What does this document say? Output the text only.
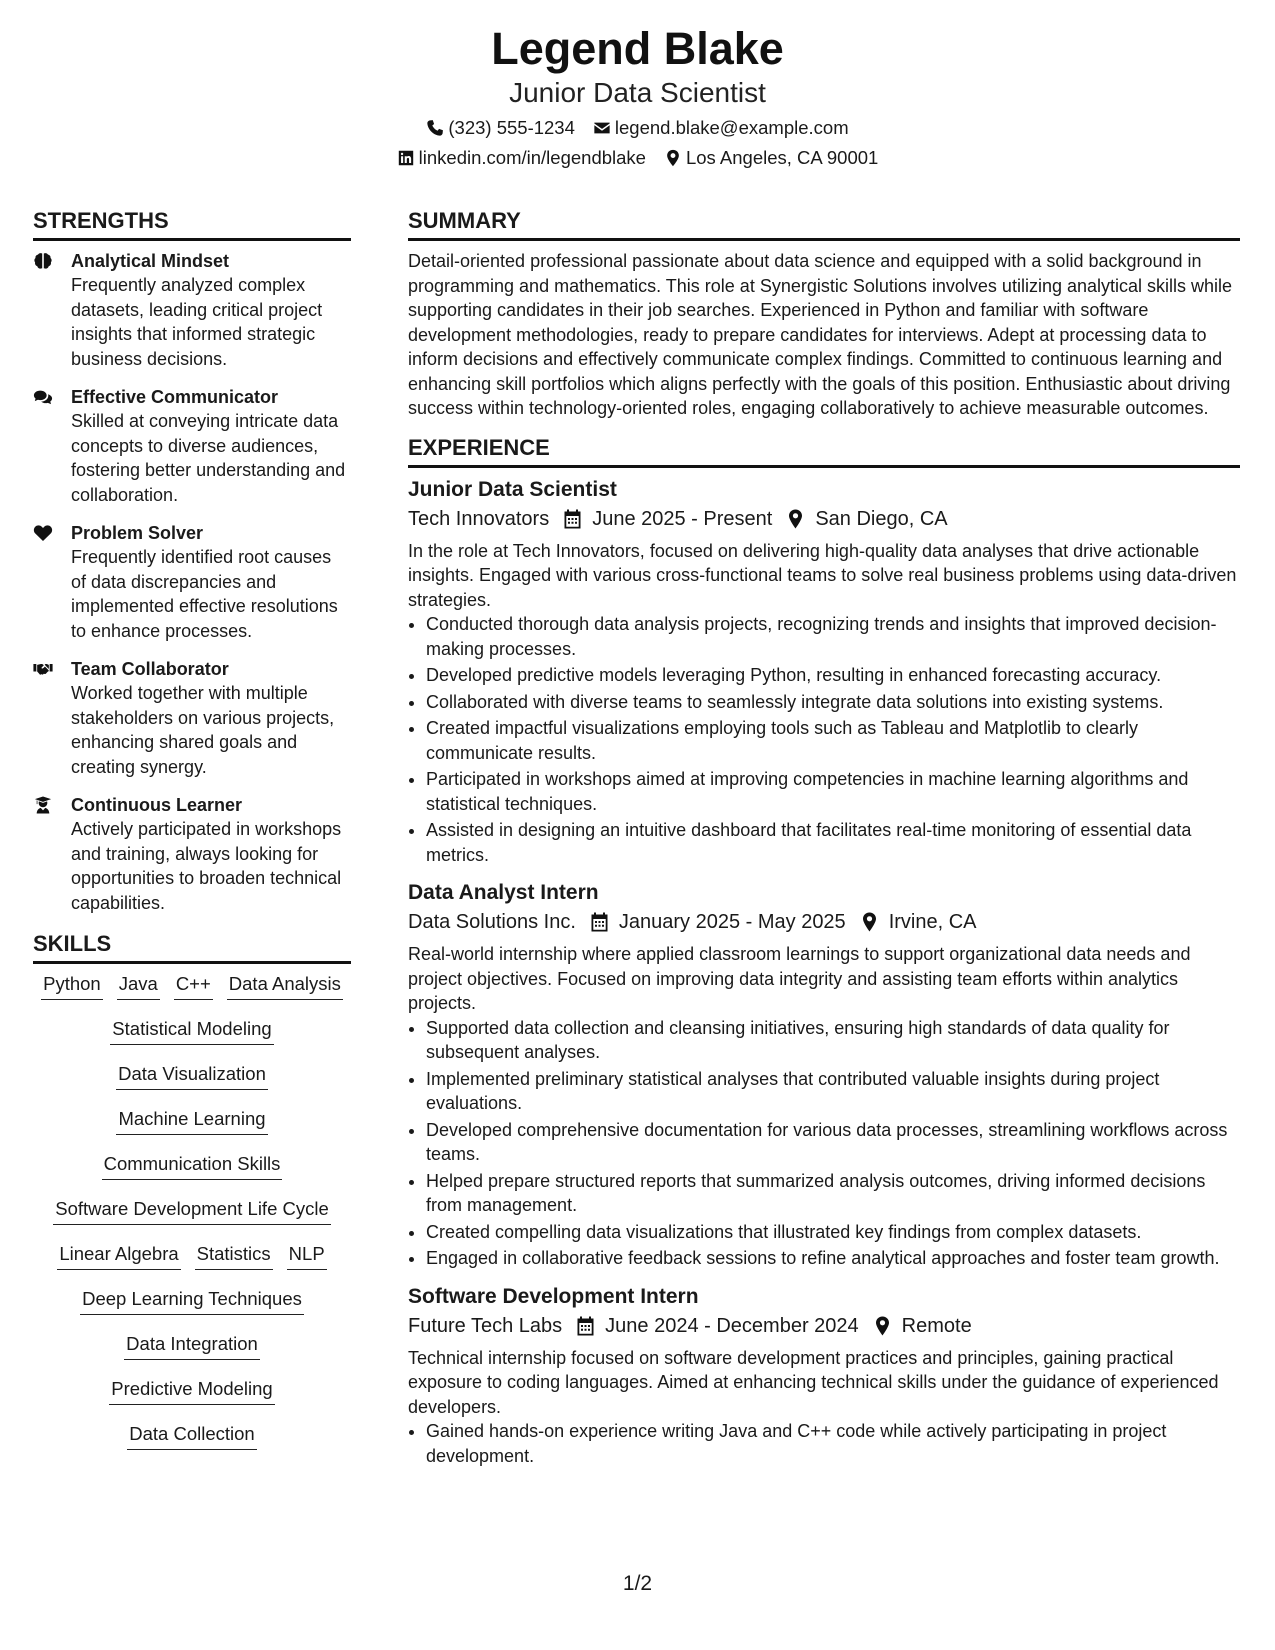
Legend Blake
Junior Data Scientist
(323) 555-1234 legend.blake@example.com
linkedin.com/in/legendblake Los Angeles, CA 90001
STRENGTHS
Analytical Mindset
Frequently analyzed complex datasets, leading critical project insights that informed strategic business decisions.
Effective Communicator
Skilled at conveying intricate data concepts to diverse audiences, fostering better understanding and collaboration.
Problem Solver
Frequently identified root causes of data discrepancies and implemented effective resolutions to enhance processes.
Team Collaborator
Worked together with multiple stakeholders on various projects, enhancing shared goals and creating synergy.
Continuous Learner
Actively participated in workshops and training, always looking for opportunities to broaden technical capabilities.
SKILLS
Python Java C++ Data Analysis
Statistical Modeling
Data Visualization
Machine Learning
Communication Skills
Software Development Life Cycle
Linear Algebra Statistics NLP
Deep Learning Techniques
Data Integration
Predictive Modeling
Data Collection
SUMMARY
Detail-oriented professional passionate about data science and equipped with a solid background in programming and mathematics. This role at Synergistic Solutions involves utilizing analytical skills while supporting candidates in their job searches. Experienced in Python and familiar with software development methodologies, ready to prepare candidates for interviews. Adept at processing data to inform decisions and effectively communicate complex findings. Committed to continuous learning and enhancing skill portfolios which aligns perfectly with the goals of this position. Enthusiastic about driving success within technology-oriented roles, engaging collaboratively to achieve measurable outcomes.
EXPERIENCE
Junior Data Scientist
Tech Innovators June 2025 - Present San Diego, CA
In the role at Tech Innovators, focused on delivering high-quality data analyses that drive actionable insights. Engaged with various cross-functional teams to solve real business problems using data-driven strategies.
• Conducted thorough data analysis projects, recognizing trends and insights that improved decision-making processes.
• Developed predictive models leveraging Python, resulting in enhanced forecasting accuracy.
• Collaborated with diverse teams to seamlessly integrate data solutions into existing systems.
• Created impactful visualizations employing tools such as Tableau and Matplotlib to clearly communicate results.
• Participated in workshops aimed at improving competencies in machine learning algorithms and statistical techniques.
• Assisted in designing an intuitive dashboard that facilitates real-time monitoring of essential data metrics.
Data Analyst Intern
Data Solutions Inc. January 2025 - May 2025 Irvine, CA
Real-world internship where applied classroom learnings to support organizational data needs and project objectives. Focused on improving data integrity and assisting team efforts within analytics projects.
• Supported data collection and cleansing initiatives, ensuring high standards of data quality for subsequent analyses.
• Implemented preliminary statistical analyses that contributed valuable insights during project evaluations.
• Developed comprehensive documentation for various data processes, streamlining workflows across teams.
• Helped prepare structured reports that summarized analysis outcomes, driving informed decisions from management.
• Created compelling data visualizations that illustrated key findings from complex datasets.
• Engaged in collaborative feedback sessions to refine analytical approaches and foster team growth.
Software Development Intern
Future Tech Labs June 2024 - December 2024 Remote
Technical internship focused on software development practices and principles, gaining practical exposure to coding languages. Aimed at enhancing technical skills under the guidance of experienced developers.
• Gained hands-on experience writing Java and C++ code while actively participating in project development.
1/2
